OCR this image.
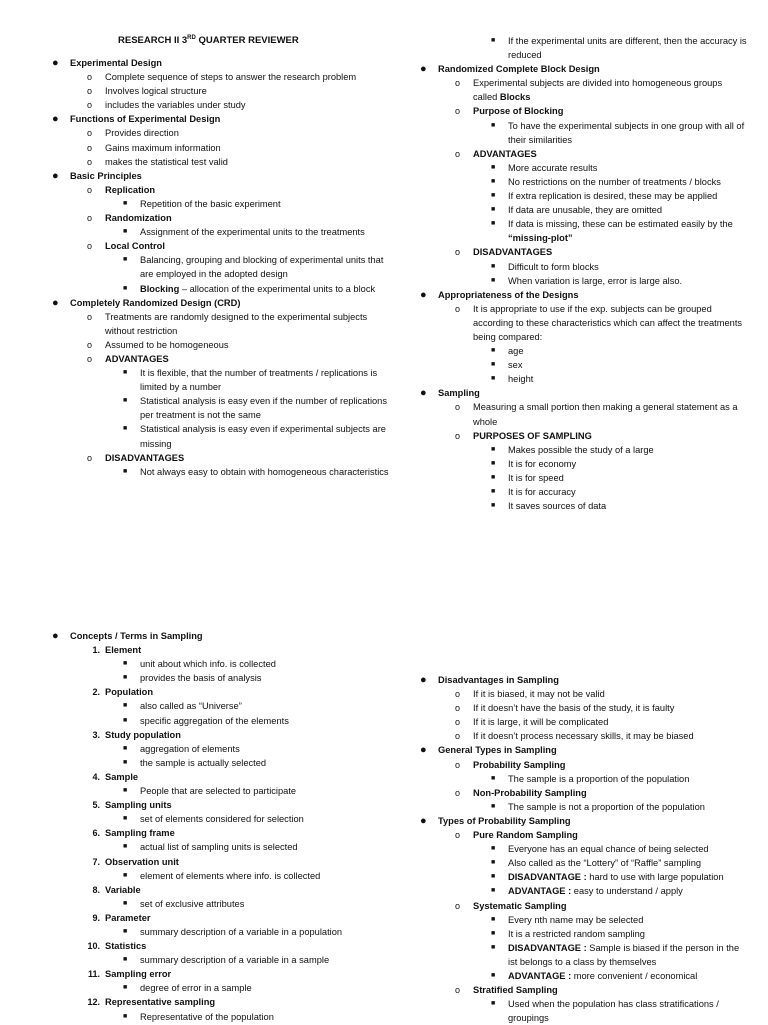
RESEARCH II 3RD QUARTER REVIEWER
● Experimental Design
o Complete sequence of steps to answer the research problem
o Involves logical structure
o includes the variables under study
● Functions of Experimental Design
o Provides direction
o Gains maximum information
o makes the statistical test valid
● Basic Principles
o Replication
■ Repetition of the basic experiment
o Randomization
■ Assignment of the experimental units to the treatments
o Local Control
■ Balancing, grouping and blocking of experimental units that are employed in the adopted design
■ Blocking – allocation of the experimental units to a block
● Completely Randomized Design (CRD)
o Treatments are randomly designed to the experimental subjects without restriction
o Assumed to be homogeneous
o ADVANTAGES
■ It is flexible, that the number of treatments / replications is limited by a number
■ Statistical analysis is easy even if the number of replications per treatment is not the same
■ Statistical analysis is easy even if experimental subjects are missing
o DISADVANTAGES
■ Not always easy to obtain with homogeneous characteristics
■ If the experimental units are different, then the accuracy is reduced
● Randomized Complete Block Design
o Experimental subjects are divided into homogeneous groups called Blocks
o Purpose of Blocking
■ To have the experimental subjects in one group with all of their similarities
o ADVANTAGES
■ More accurate results
■ No restrictions on the number of treatments / blocks
■ If extra replication is desired, these may be applied
■ If data are unusable, they are omitted
■ If data is missing, these can be estimated easily by the “missing-plot”
o DISADVANTAGES
■ Difficult to form blocks
■ When variation is large, error is large also.
● Appropriateness of the Designs
o It is appropriate to use if the exp. subjects can be grouped according to these characteristics which can affect the treatments being compared:
■ age
■ sex
■ height
● Sampling
o Measuring a small portion then making a general statement as a whole
o PURPOSES OF SAMPLING
■ Makes possible the study of a large
■ It is for economy
■ It is for speed
■ It is for accuracy
■ It saves sources of data
● Concepts / Terms in Sampling
1. Element
■ unit about which info. is collected
■ provides the basis of analysis
2. Population
■ also called as “Universe”
■ specific aggregation of the elements
3. Study population
■ aggregation of elements
■ the sample is actually selected
4. Sample
■ People that are selected to participate
5. Sampling units
■ set of elements considered for selection
6. Sampling frame
■ actual list of sampling units is selected
7. Observation unit
■ element of elements where info. is collected
8. Variable
■ set of exclusive attributes
9. Parameter
■ summary description of a variable in a population
10. Statistics
■ summary description of a variable in a sample
11. Sampling error
■ degree of error in a sample
12. Representative sampling
■ Representative of the population
● Disadvantages in Sampling
o If it is biased, it may not be valid
o If it doesn’t have the basis of the study, it is faulty
o If it is large, it will be complicated
o If it doesn’t process necessary skills, it may be biased
● General Types in Sampling
o Probability Sampling
■ The sample is a proportion of the population
o Non-Probability Sampling
■ The sample is not a proportion of the population
● Types of Probability Sampling
o Pure Random Sampling
■ Everyone has an equal chance of being selected
■ Also called as the “Lottery” of “Raffle” sampling
■ DISADVANTAGE : hard to use with large population
■ ADVANTAGE : easy to understand / apply
o Systematic Sampling
■ Every nth name may be selected
■ It is a restricted random sampling
■ DISADVANTAGE : Sample is biased if the person in the ist belongs to a class by themselves
■ ADVANTAGE : more convenient / economical
o Stratified Sampling
■ Used when the population has class stratifications / groupings
